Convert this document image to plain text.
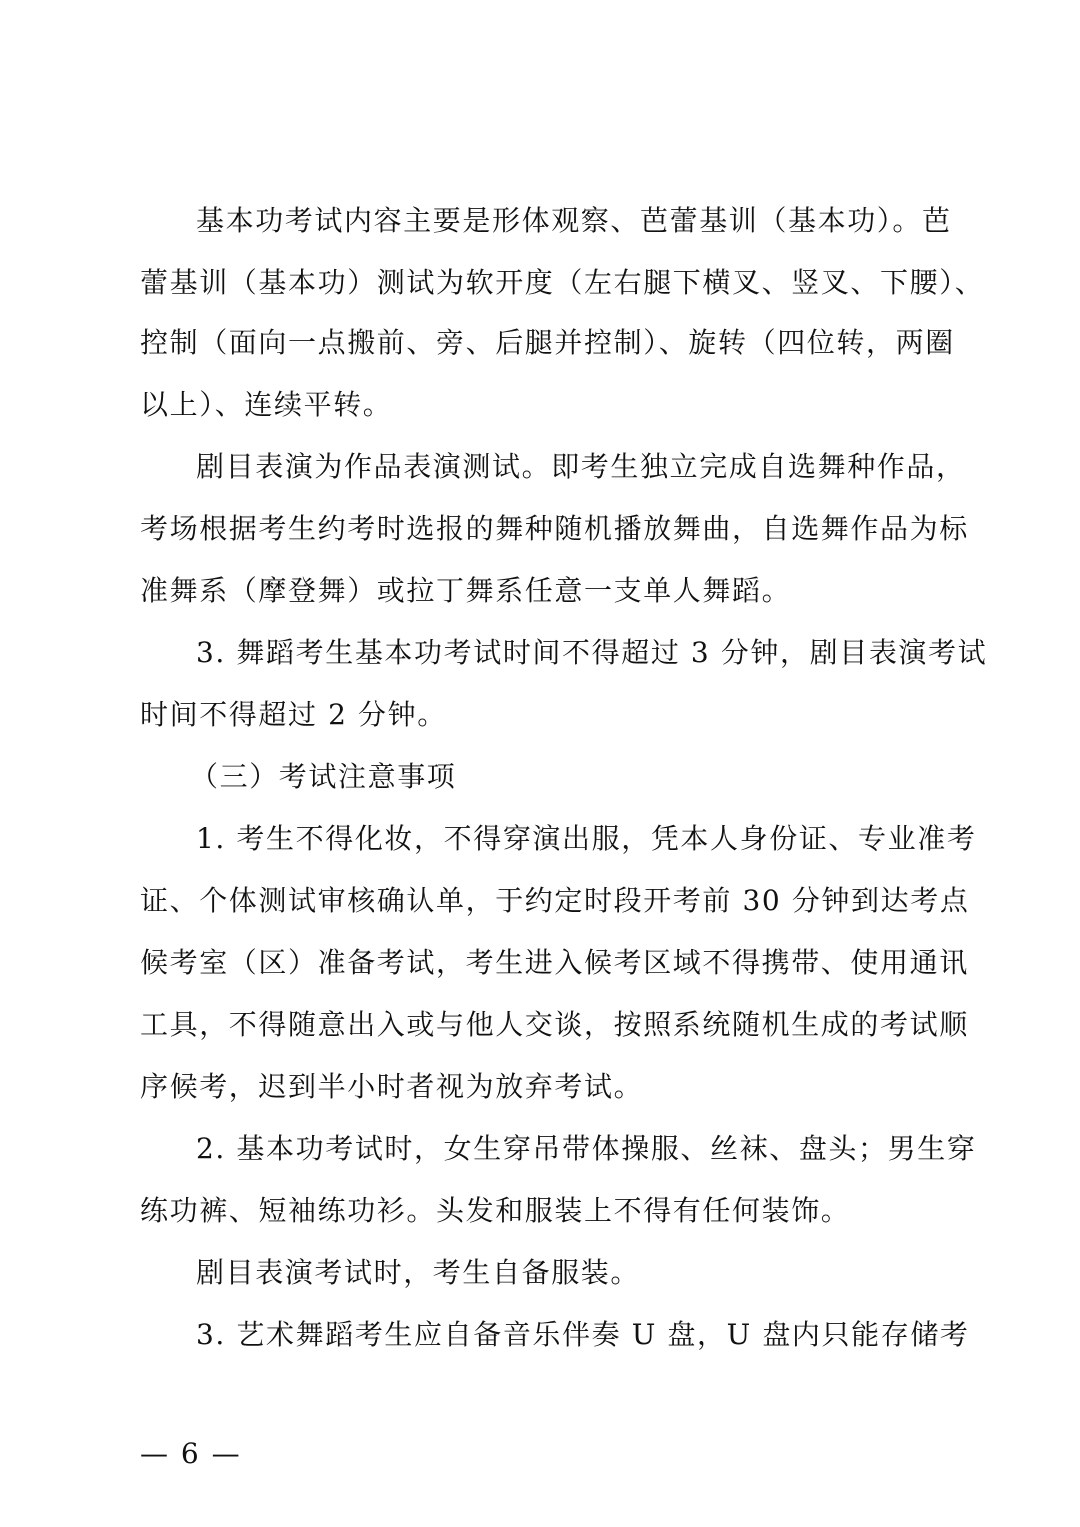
基本功考试内容主要是形体观察、芭蕾基训（基本功）。芭
蕾基训（基本功）测试为软开度（左右腿下横叉、竖叉、下腰）、
控制（面向一点搬前、旁、后腿并控制）、旋转（四位转，两圈
以上）、连续平转。
剧目表演为作品表演测试。即考生独立完成自选舞种作品，
考场根据考生约考时选报的舞种随机播放舞曲，自选舞作品为标
准舞系（摩登舞）或拉丁舞系任意一支单人舞蹈。
3. 舞蹈考生基本功考试时间不得超过 3 分钟，剧目表演考试
时间不得超过 2 分钟。
（三）考试注意事项
1. 考生不得化妆，不得穿演出服，凭本人身份证、专业准考
证、个体测试审核确认单，于约定时段开考前 30 分钟到达考点
候考室（区）准备考试，考生进入候考区域不得携带、使用通讯
工具，不得随意出入或与他人交谈，按照系统随机生成的考试顺
序候考，迟到半小时者视为放弃考试。
2. 基本功考试时，女生穿吊带体操服、丝袜、盘头；男生穿
练功裤、短袖练功衫。头发和服装上不得有任何装饰。
剧目表演考试时，考生自备服装。
3. 艺术舞蹈考生应自备音乐伴奏 U 盘，U 盘内只能存储考
— 6 —
